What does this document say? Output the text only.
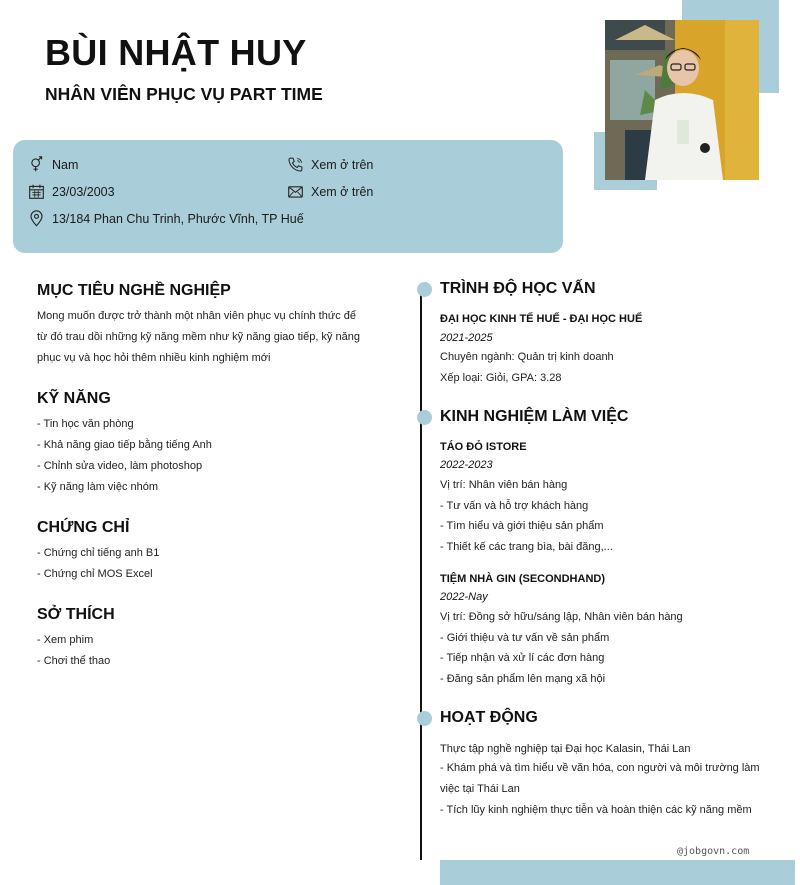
BÙI NHẬT HUY
NHÂN VIÊN PHỤC VỤ PART TIME
Nam
23/03/2003
13/184 Phan Chu Trinh, Phước Vĩnh, TP Huế
Xem ở trên
Xem ở trên
MỤC TIÊU NGHỀ NGHIỆP
Mong muốn được trở thành một nhân viên phục vụ chính thức để
từ đó trau dồi những kỹ năng mềm như kỹ năng giao tiếp, kỹ năng
phục vụ và học hỏi thêm nhiều kinh nghiệm mới
KỸ NĂNG
- Tin học văn phòng
- Khả năng giao tiếp bằng tiếng Anh
- Chỉnh sửa video, làm photoshop
- Kỹ năng làm việc nhóm
CHỨNG CHỈ
- Chứng chỉ tiếng anh B1
- Chứng chỉ MOS Excel
SỞ THÍCH
- Xem phim
- Chơi thể thao
TRÌNH ĐỘ HỌC VẤN
ĐẠI HỌC KINH TẾ HUẾ - ĐẠI HỌC HUẾ
2021-2025
Chuyên ngành: Quản trị kinh doanh
Xếp loại: Giỏi, GPA: 3.28
KINH NGHIỆM LÀM VIỆC
TÁO ĐỎ ISTORE
2022-2023
Vị trí: Nhân viên bán hàng
- Tư vấn và hỗ trợ khách hàng
- Tìm hiểu và giới thiệu sản phẩm
- Thiết kế các trang bìa, bài đăng,...
TIỆM NHÀ GIN (SECONDHAND)
2022-Nay
Vị trí: Đồng sở hữu/sáng lập, Nhân viên bán hàng
- Giới thiệu và tư vấn về sản phẩm
- Tiếp nhận và xử lí các đơn hàng
- Đăng sản phẩm lên mạng xã hội
HOẠT ĐỘNG
Thực tập nghề nghiệp tại Đại học Kalasin, Thái Lan
- Khám phá và tìm hiểu về văn hóa, con người và môi trường làm
việc tại Thái Lan
- Tích lũy kinh nghiệm thực tiễn và hoàn thiện các kỹ năng mềm
@jobgovn.com
